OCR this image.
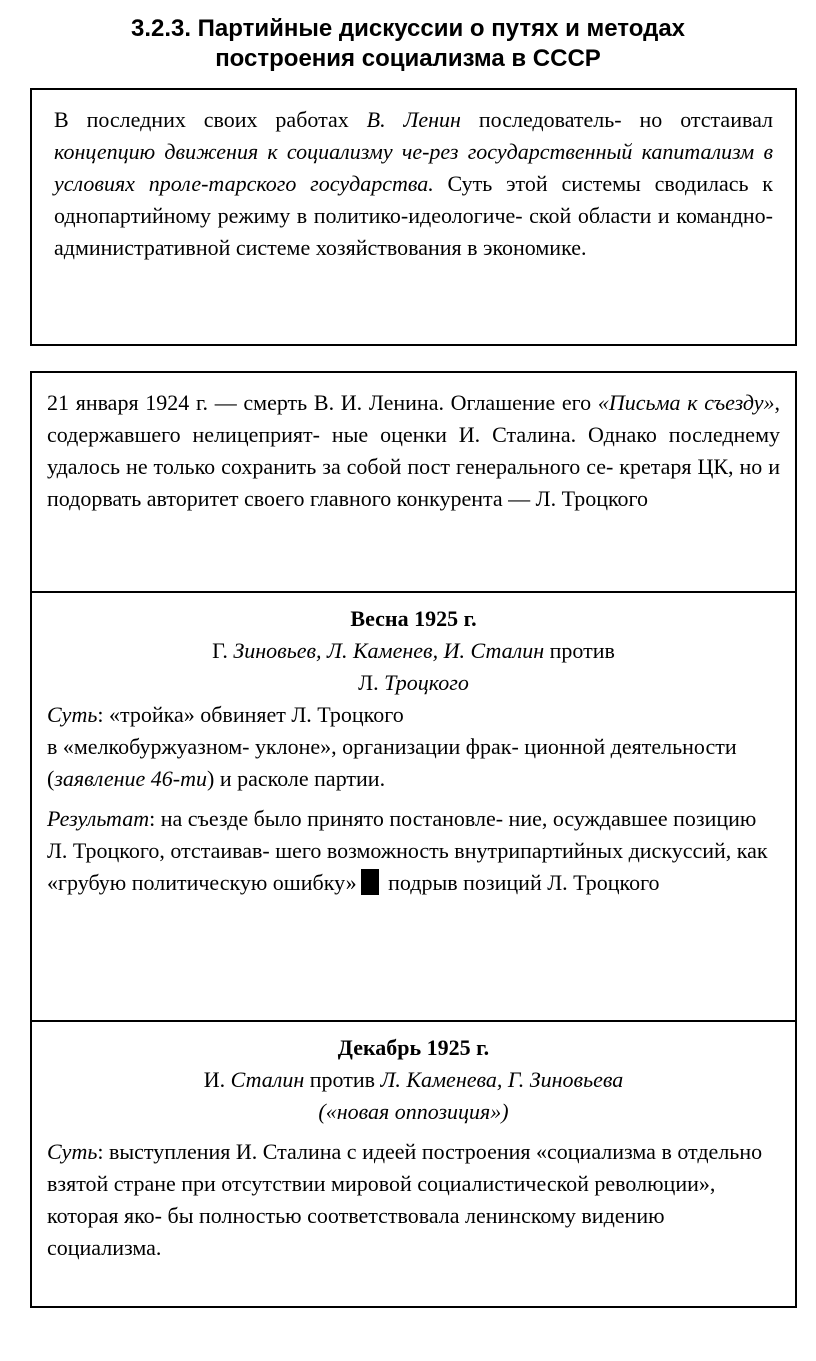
3.2.3. Партийные дискуссии о путях и методах
построения социализма в СССР

В последних своих работах В. Ленин последователь- но отстаивал концепцию движения к социализму че-рез государственный капитализм в условиях проле-тарского государства. Суть этой системы сводилась к однопартийному режиму в политико-идеологиче- ской области и командно-административной системе хозяйствования в экономике.

21 января 1924 г. — смерть В. И. Ленина. Оглашение его «Письма к съезду», содержавшего нелицеприят- ные оценки И. Сталина. Однако последнему удалось не только сохранить за собой пост генерального се- кретаря ЦК, но и подорвать авторитет своего главного конкурента — Л. Троцкого

Весна 1925 г.

Г. Зиновьев, Л. Каменев, И. Сталин против

Л. Троцкого

Суть: «тройка» обвиняет Л. Троцкого
в «мелкобуржуазном- уклоне», организации фрак- ционной деятельности (заявление 46-ти) и расколе партии.

Результат: на съезде было принято постановле- ние, осуждавшее позицию Л. Троцкого, отстаивав- шего возможность внутрипартийных дискуссий, как «грубую политическую ошибку» подрыв позиций Л. Троцкого

Декабрь 1925 г.

И. Сталин против Л. Каменева, Г. Зиновьева

(«новая оппозиция»)

Суть: выступления И. Сталина с идеей построения «социализма в отдельно взятой стране при отсутствии мировой социалистической революции», которая яко- бы полностью соответствовала ленинскому видению социализма.
